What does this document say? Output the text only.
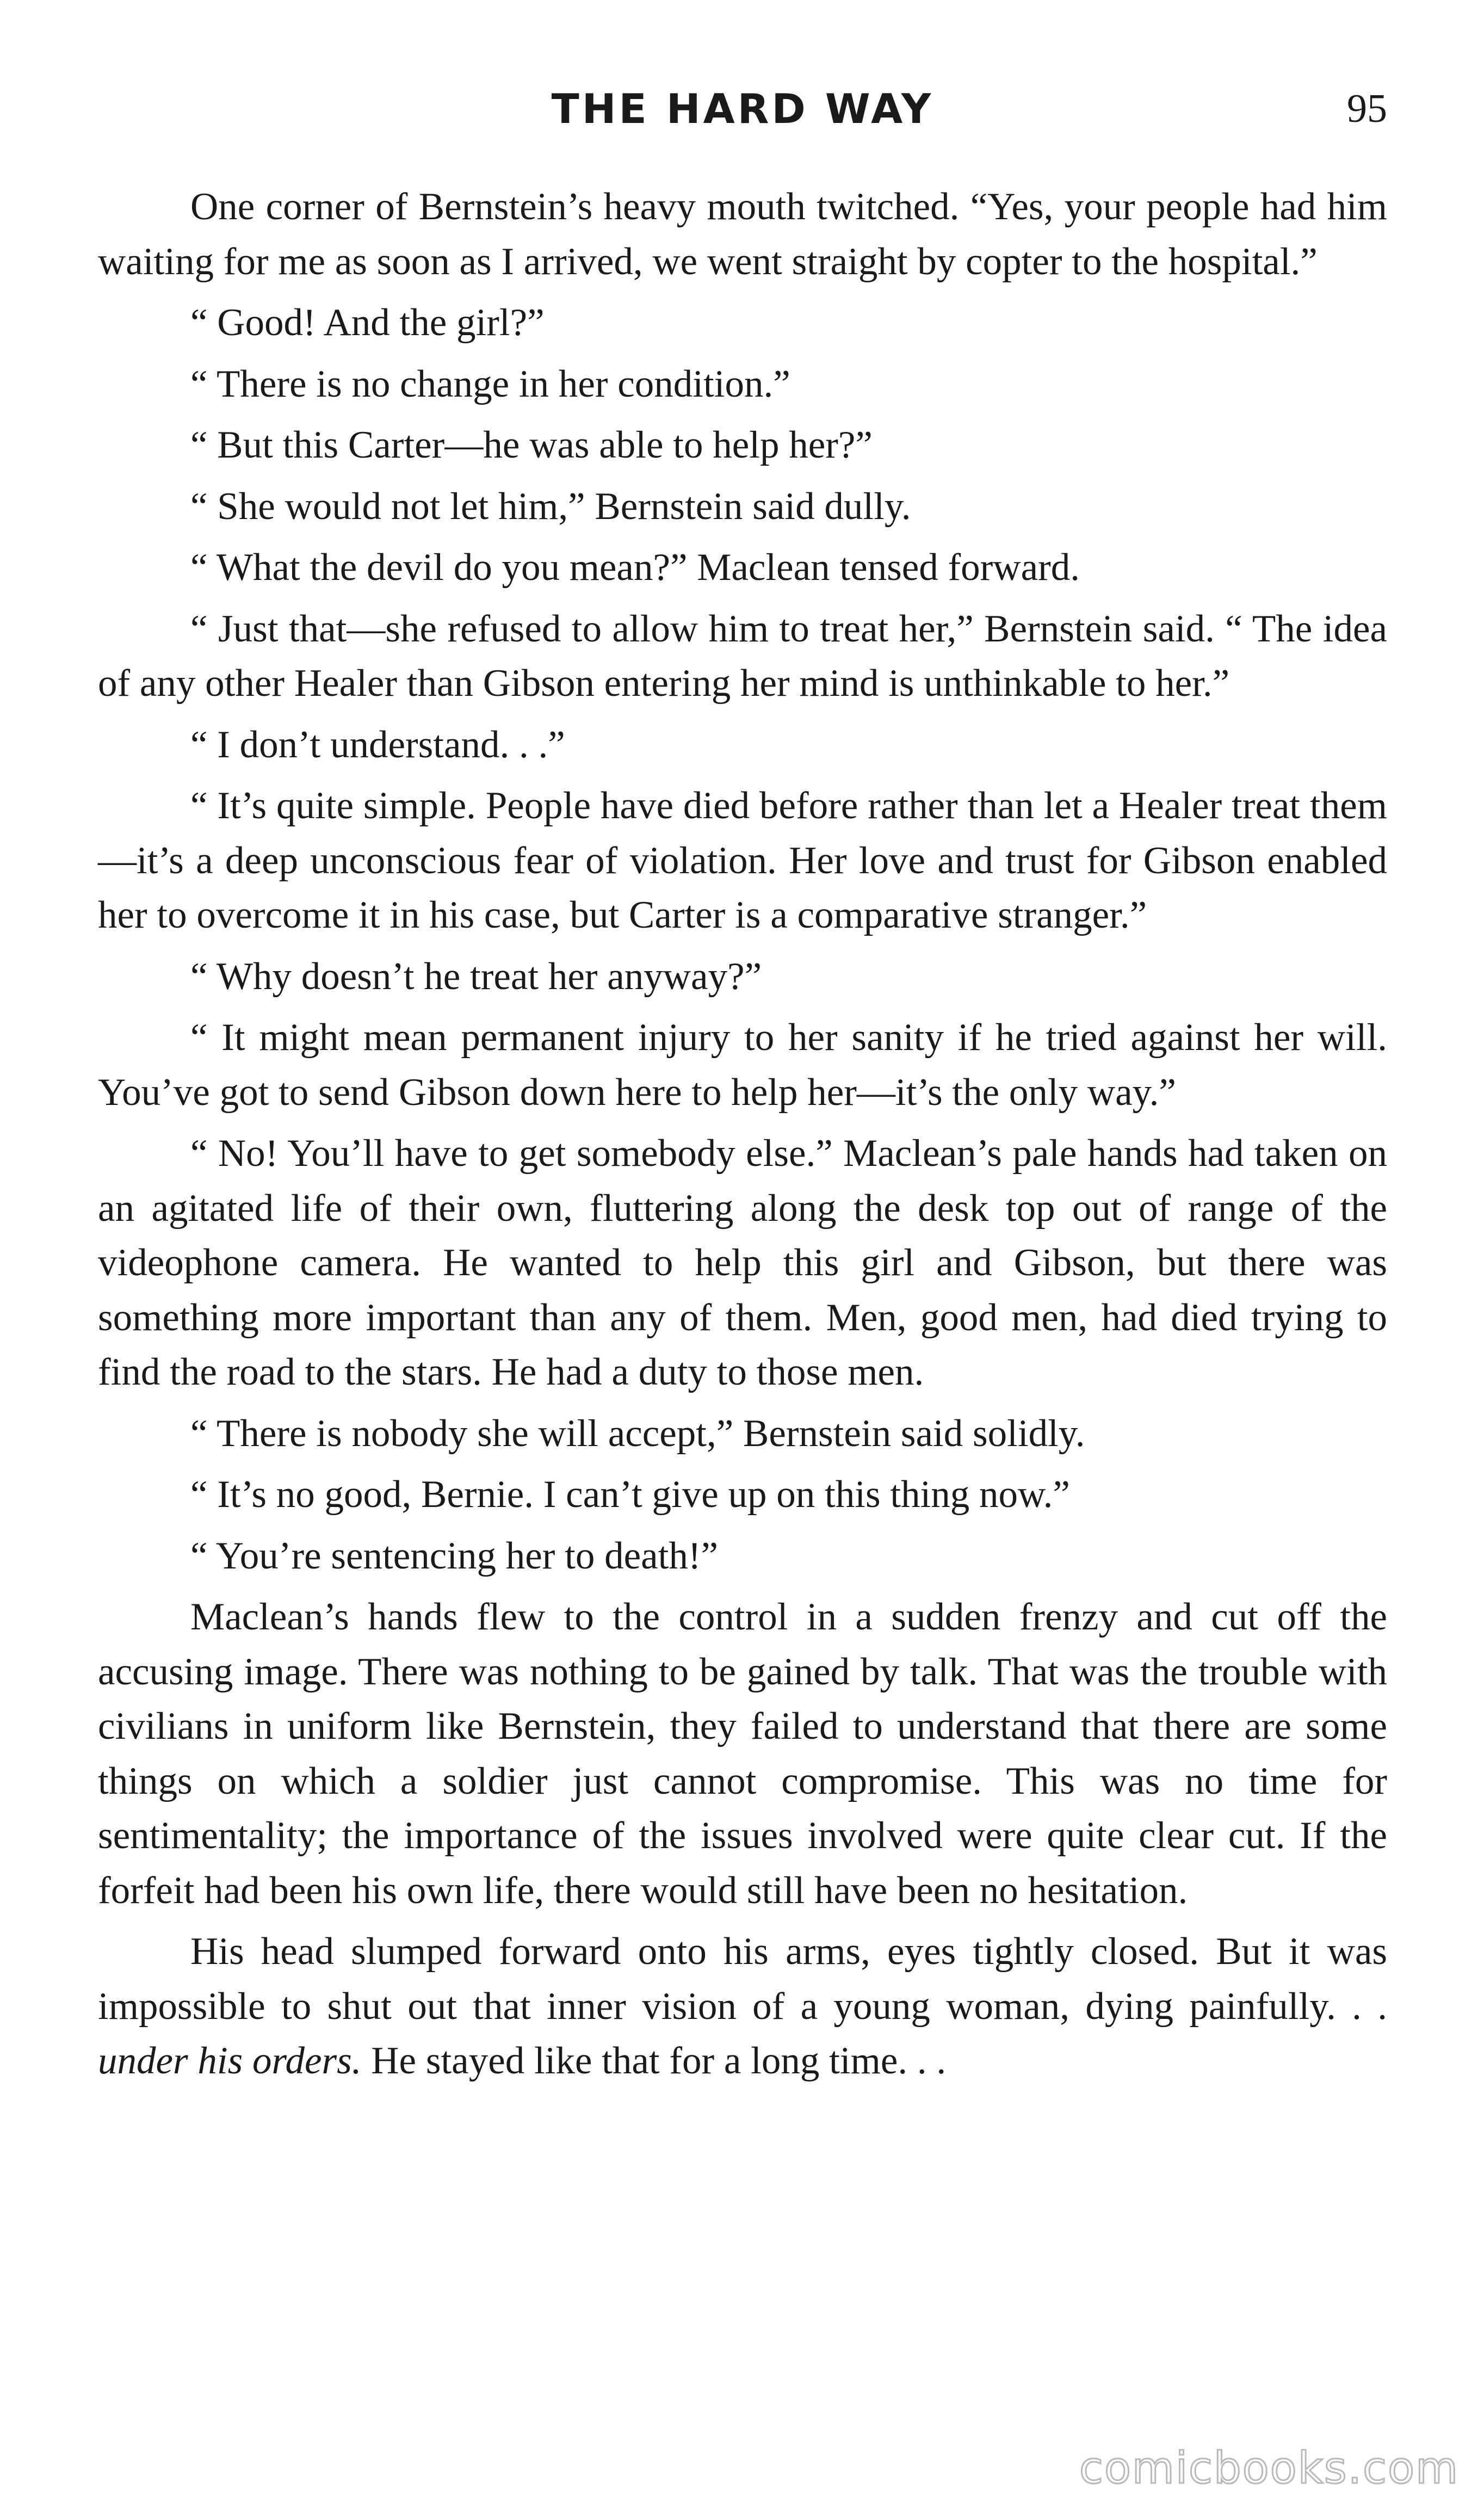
THE HARD WAY	95

One corner of Bernstein’s heavy mouth twitched. “Yes, your people had him waiting for me as soon as I arrived, we went straight by copter to the hospital.”

“ Good! And the girl?”

“ There is no change in her condition.”

“ But this Carter—he was able to help her?”

“ She would not let him,” Bernstein said dully.

“ What the devil do you mean?” Maclean tensed forward.

“ Just that—she refused to allow him to treat her,” Bernstein said. “ The idea of any other Healer than Gibson entering her mind is unthinkable to her.”

“ I don’t understand. . .”

“ It’s quite simple. People have died before rather than let a Healer treat them—it’s a deep unconscious fear of violation. Her love and trust for Gibson enabled her to overcome it in his case, but Carter is a comparative stranger.”

“ Why doesn’t he treat her anyway?”

“ It might mean permanent injury to her sanity if he tried against her will. You’ve got to send Gibson down here to help her—it’s the only way.”

“ No! You’ll have to get somebody else.” Maclean’s pale hands had taken on an agitated life of their own, fluttering along the desk top out of range of the videophone camera. He wanted to help this girl and Gibson, but there was something more important than any of them. Men, good men, had died trying to find the road to the stars. He had a duty to those men.

“ There is nobody she will accept,” Bernstein said solidly.

“ It’s no good, Bernie. I can’t give up on this thing now.”

“ You’re sentencing her to death!”

Maclean’s hands flew to the control in a sudden frenzy and cut off the accusing image. There was nothing to be gained by talk. That was the trouble with civilians in uniform like Bernstein, they failed to understand that there are some things on which a soldier just cannot compromise. This was no time for sentimentality; the importance of the issues involved were quite clear cut. If the forfeit had been his own life, there would still have been no hesitation.

His head slumped forward onto his arms, eyes tightly closed. But it was impossible to shut out that inner vision of a young woman, dying painfully. . . under his orders. He stayed like that for a long time. . .

comicbooks.com
